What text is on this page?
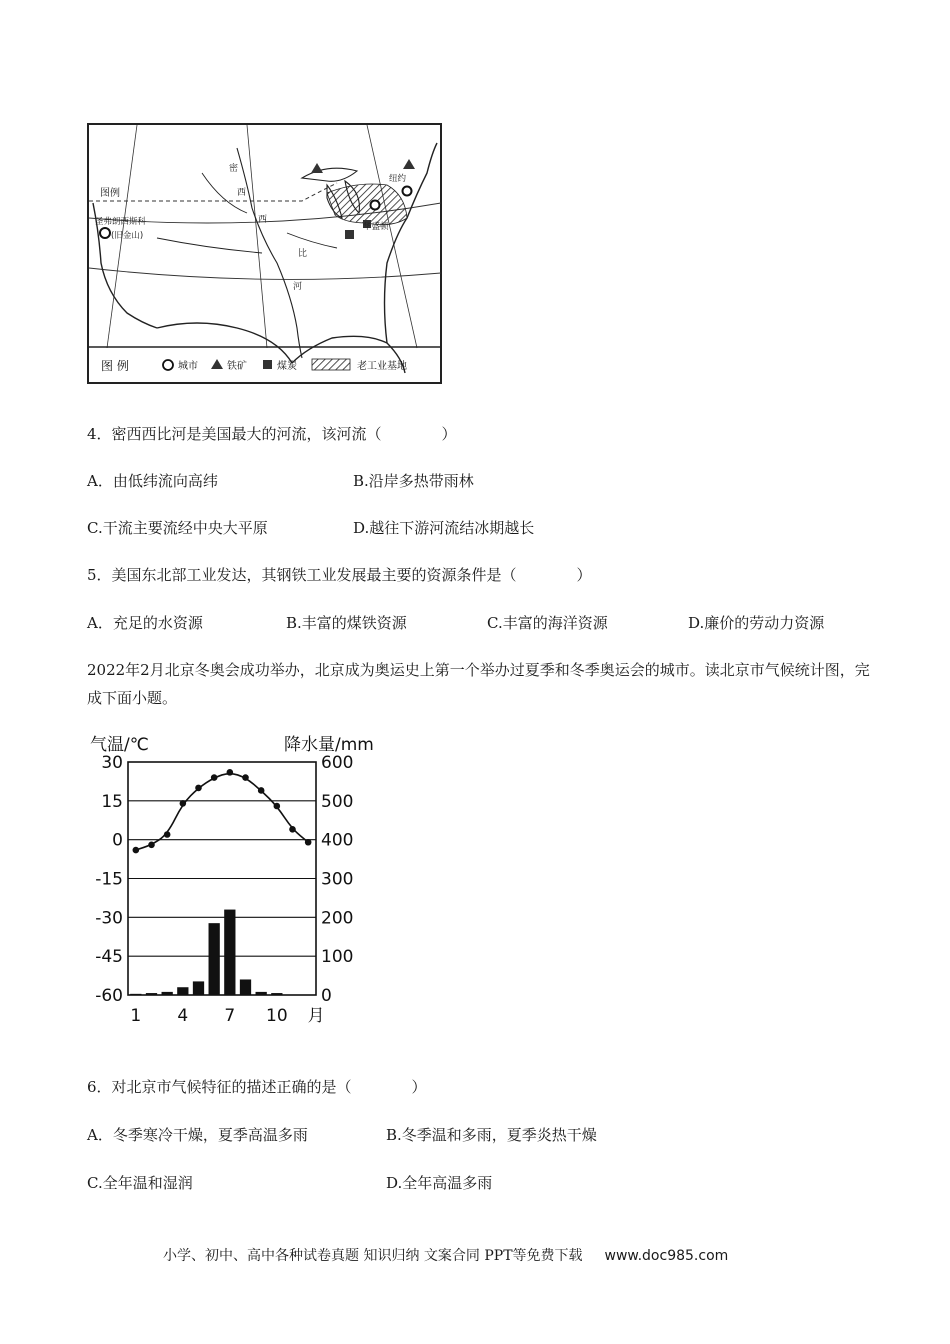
密
西
西
比
河
图例
圣弗朗西斯科
(旧金山)
纽约
华盛顿
图 例	城市	铁矿	煤炭	老工业基地
4．密西西比河是美国最大的河流，该河流（　　　　）
A．由低纬流向高纬	B.沿岸多热带雨林
C.干流主要流经中央大平原	D.越往下游河流结冰期越长
5．美国东北部工业发达，其钢铁工业发展最主要的资源条件是（　　　　）
A．充足的水资源	B.丰富的煤铁资源	C.丰富的海洋资源	D.廉价的劳动力资源
2022年2月北京冬奥会成功举办，北京成为奥运史上第一个举办过夏季和冬季奥运会的城市。读北京市气候统计图，完成下面小题。
气温/℃	降水量/mm
30	600
15	500
0	400
-15	300
-30	200
-45	100
-60	0
1 4 7 10 月
6．对北京市气候特征的描述正确的是（　　　　）
A．冬季寒冷干燥，夏季高温多雨	B.冬季温和多雨，夏季炎热干燥
C.全年温和湿润	D.全年高温多雨
小学、初中、高中各种试卷真题 知识归纳 文案合同 PPT等免费下载 www.doc985.com
